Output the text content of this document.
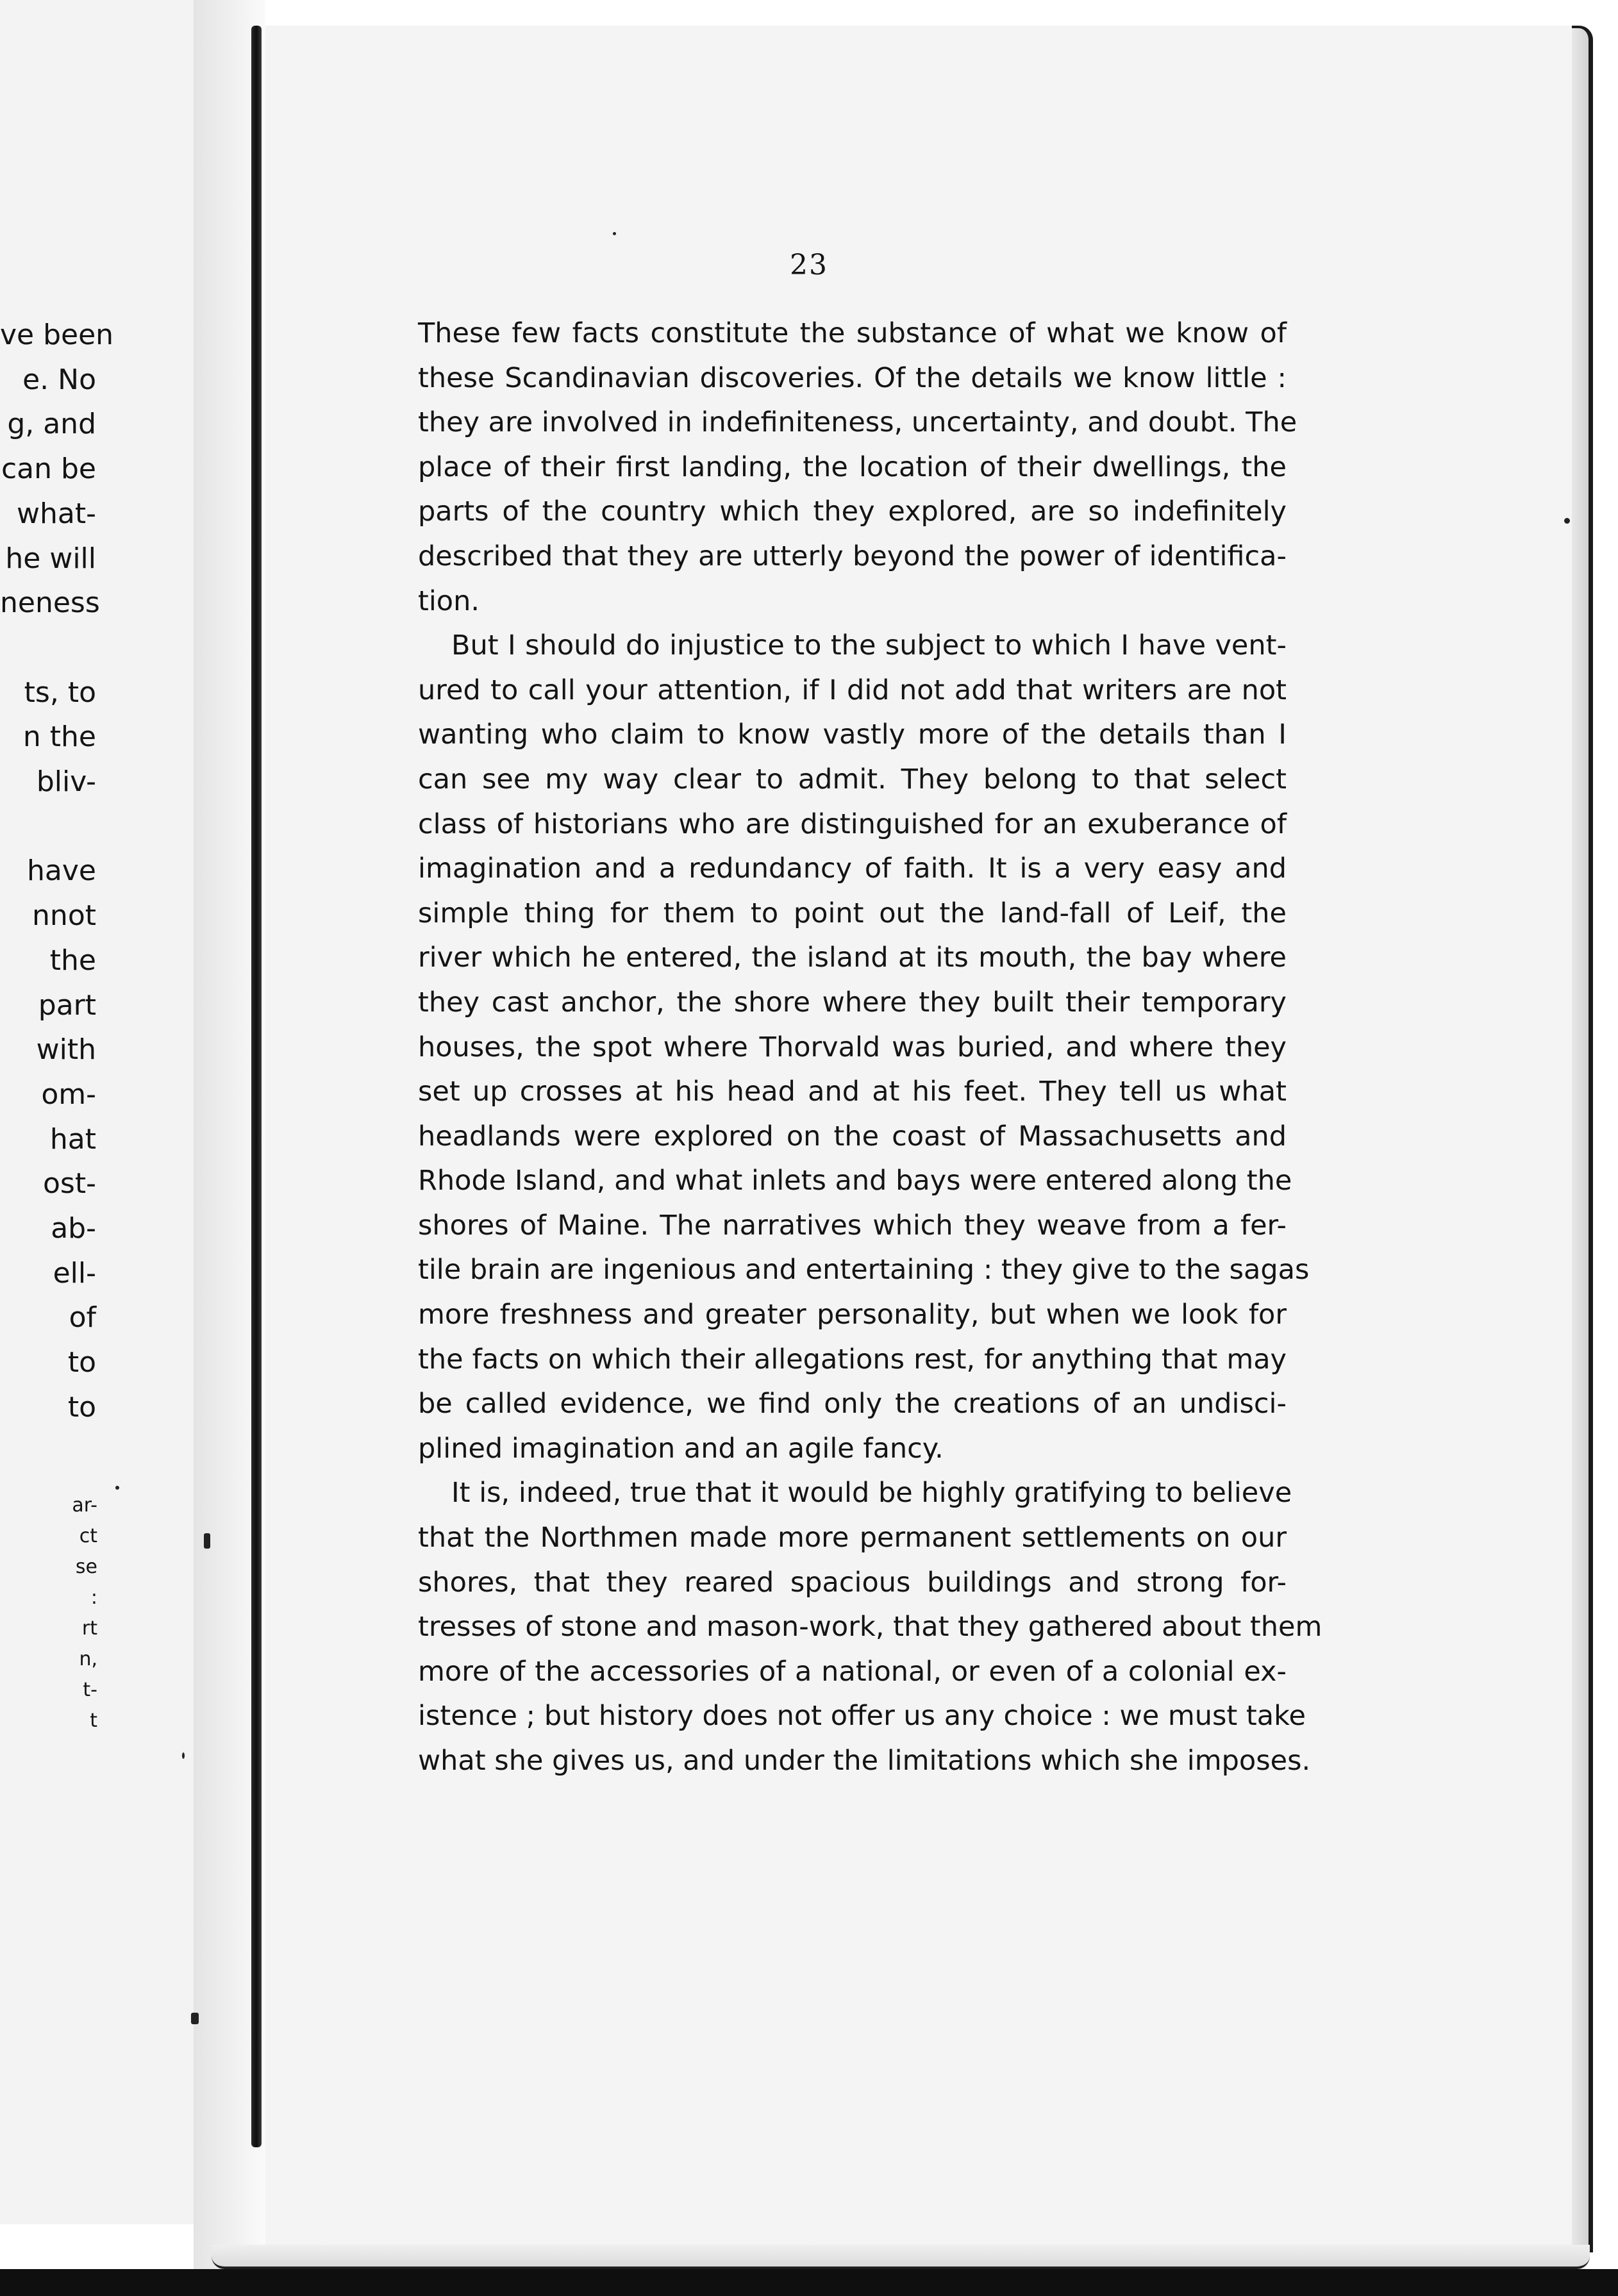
ve been
e. No
g, and
can be
what-
he will
neness

ts, to
n the
bliv-

have
nnot
the
part
with
om-
hat
ost-
ab-
ell-
of
to
to
ar-
ct
se
:
rt
n,
t-
t
23
These few facts constitute the substance of what we know of
these Scandinavian discoveries. Of the details we know little :
they are involved in indefiniteness, uncertainty, and doubt. The
place of their first landing, the location of their dwellings, the
parts of the country which they explored, are so indefinitely
described that they are utterly beyond the power of identifica-
tion.
But I should do injustice to the subject to which I have vent-
ured to call your attention, if I did not add that writers are not
wanting who claim to know vastly more of the details than I
can see my way clear to admit. They belong to that select
class of historians who are distinguished for an exuberance of
imagination and a redundancy of faith. It is a very easy and
simple thing for them to point out the land-fall of Leif, the
river which he entered, the island at its mouth, the bay where
they cast anchor, the shore where they built their temporary
houses, the spot where Thorvald was buried, and where they
set up crosses at his head and at his feet. They tell us what
headlands were explored on the coast of Massachusetts and
Rhode Island, and what inlets and bays were entered along the
shores of Maine. The narratives which they weave from a fer-
tile brain are ingenious and entertaining : they give to the sagas
more freshness and greater personality, but when we look for
the facts on which their allegations rest, for anything that may
be called evidence, we find only the creations of an undisci-
plined imagination and an agile fancy.
It is, indeed, true that it would be highly gratifying to believe
that the Northmen made more permanent settlements on our
shores, that they reared spacious buildings and strong for-
tresses of stone and mason-work, that they gathered about them
more of the accessories of a national, or even of a colonial ex-
istence ; but history does not offer us any choice : we must take
what she gives us, and under the limitations which she imposes.
